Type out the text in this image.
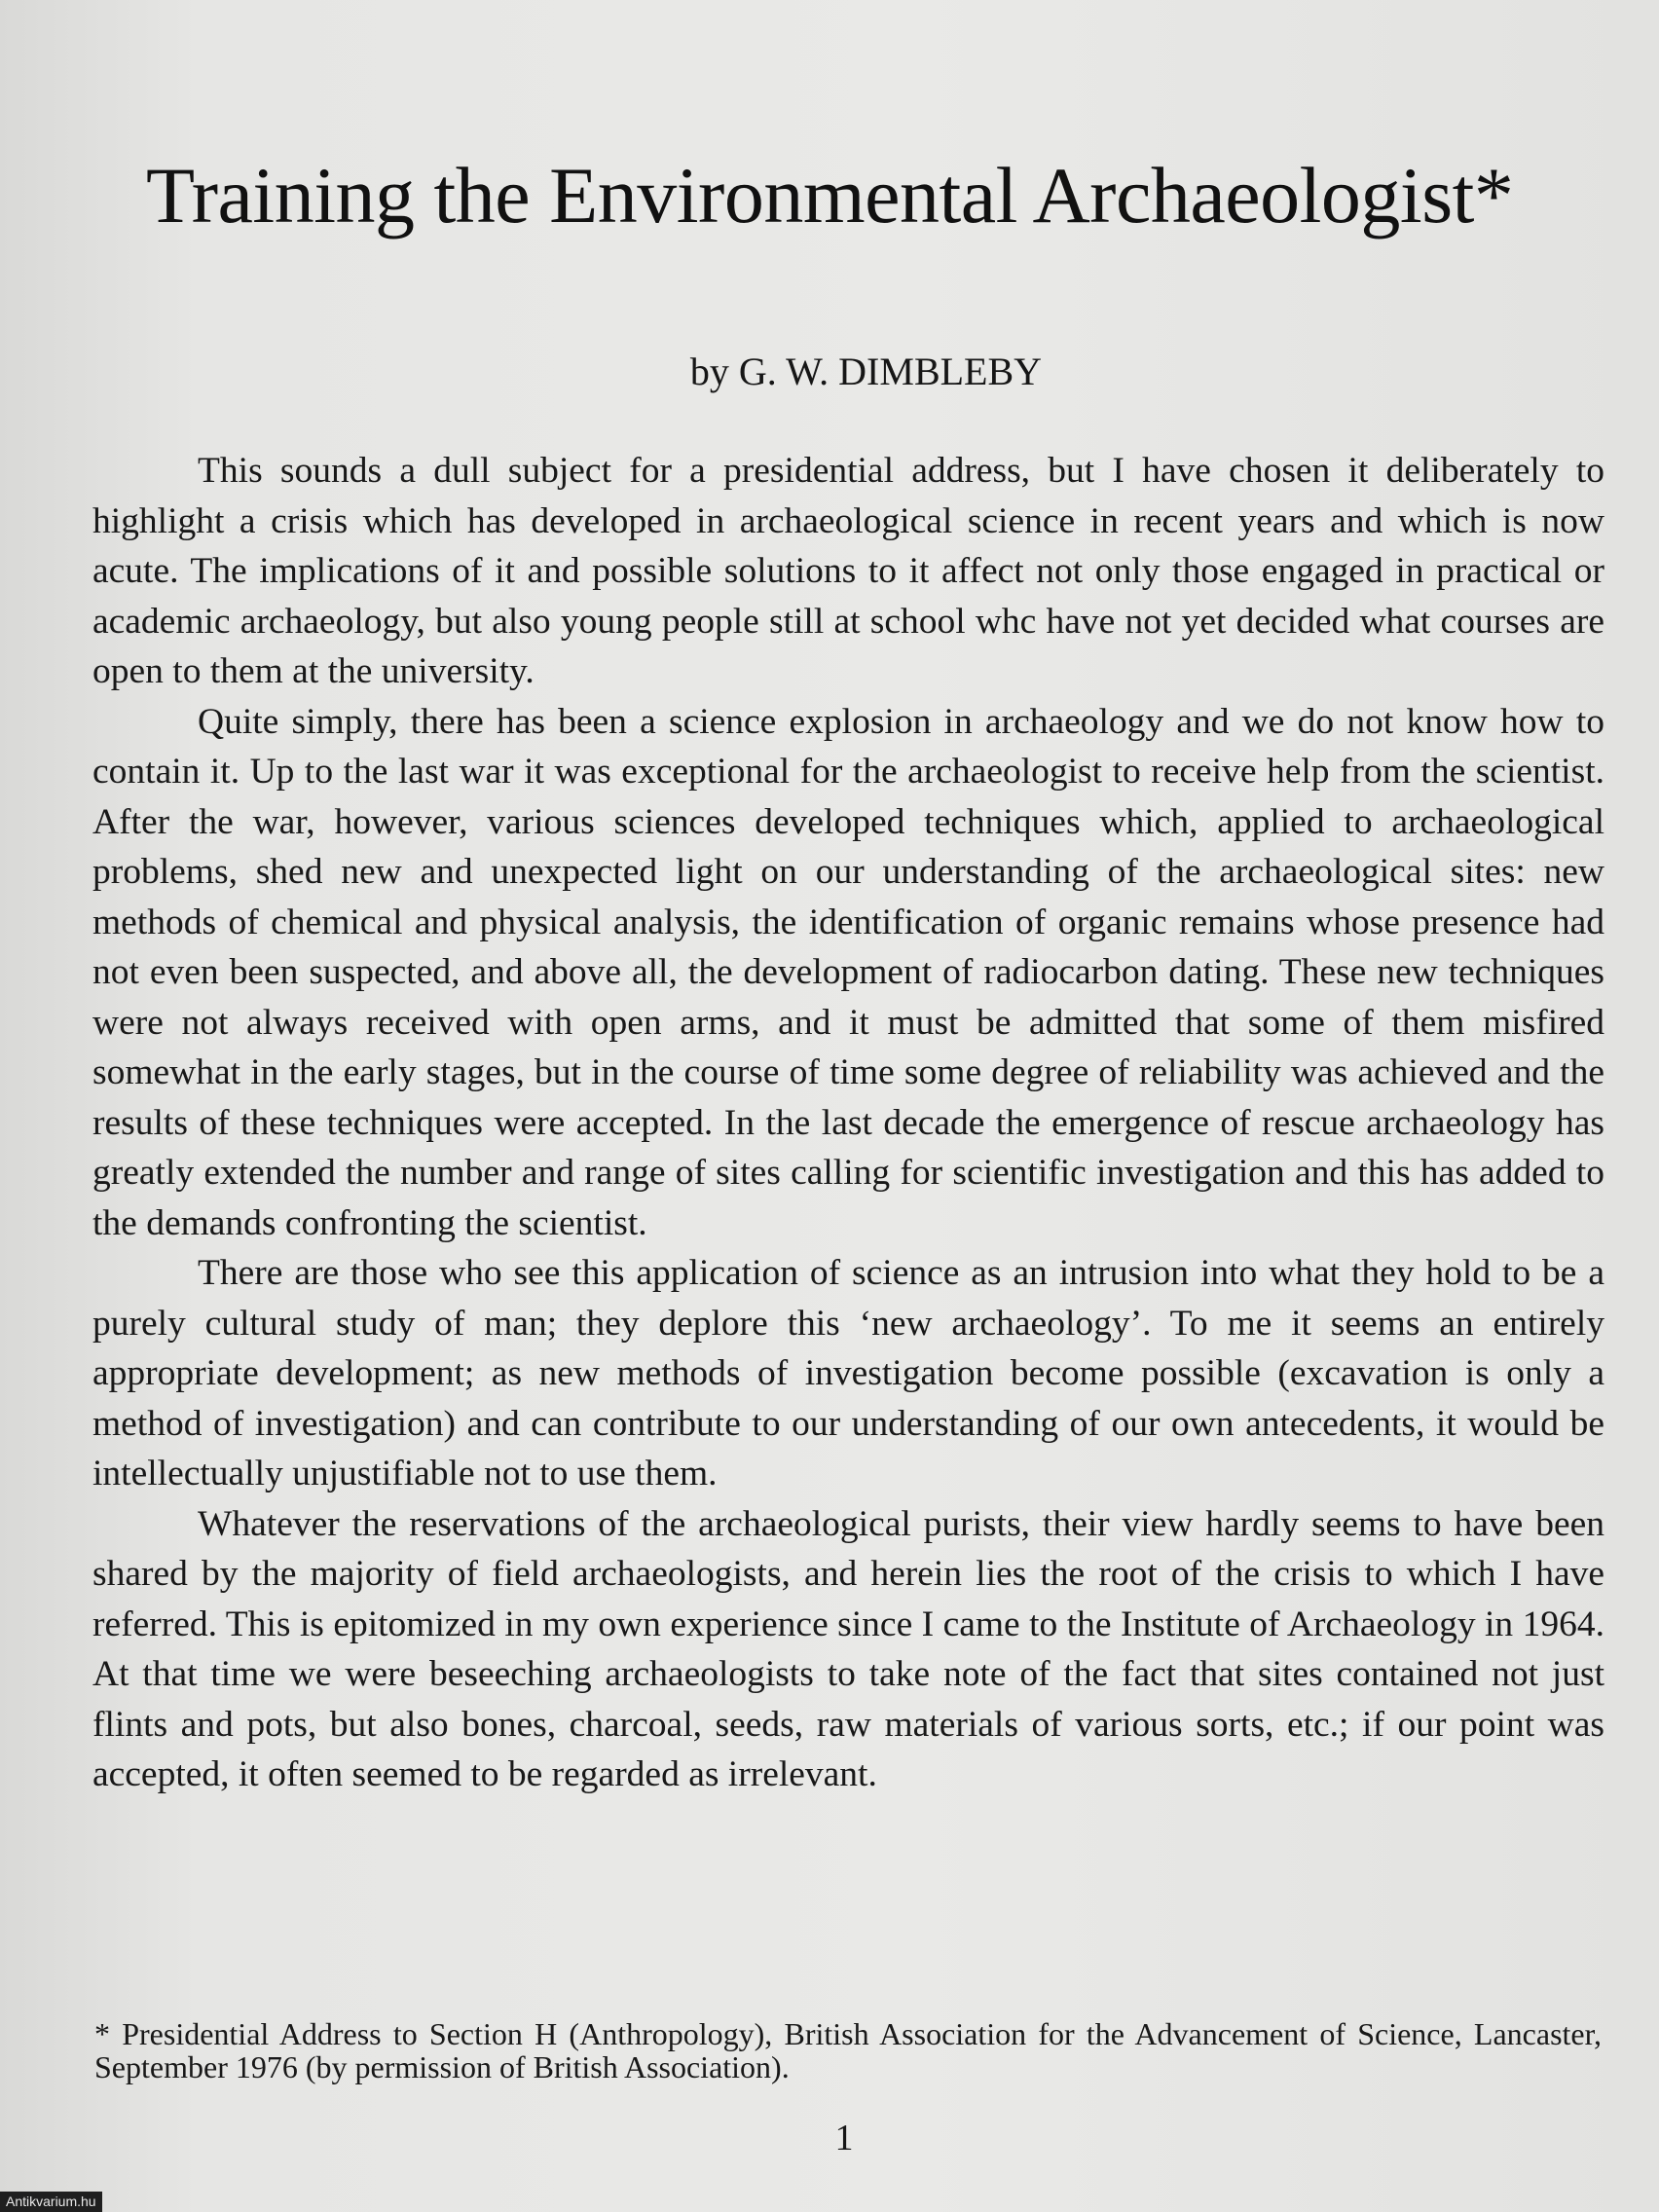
Training the Environmental Archaeologist*
by G. W. DIMBLEBY

This sounds a dull subject for a presidential address, but I have chosen it deliberately to highlight a crisis which has developed in archaeological science in recent years and which is now acute. The implications of it and possible solutions to it affect not only those engaged in practical or academic archaeology, but also young people still at school whc have not yet decided what courses are open to them at the university.

Quite simply, there has been a science explosion in archaeology and we do not know how to contain it. Up to the last war it was exceptional for the archaeologist to receive help from the scientist. After the war, however, various sciences developed techniques which, applied to archaeological problems, shed new and unexpected light on our understanding of the archaeological sites: new methods of chemical and physical analysis, the identification of organic remains whose presence had not even been suspected, and above all, the development of radiocarbon dating. These new techniques were not always received with open arms, and it must be admitted that some of them misfired somewhat in the early stages, but in the course of time some degree of reliability was achieved and the results of these techniques were accepted. In the last decade the emergence of rescue archaeology has greatly extended the number and range of sites calling for scientific investigation and this has added to the demands confronting the scientist.

There are those who see this application of science as an intrusion into what they hold to be a purely cultural study of man; they deplore this ‘new archaeology’. To me it seems an entirely appropriate development; as new methods of investigation become possible (excavation is only a method of investigation) and can contribute to our understanding of our own antecedents, it would be intellectually unjustifiable not to use them.

Whatever the reservations of the archaeological purists, their view hardly seems to have been shared by the majority of field archaeologists, and herein lies the root of the crisis to which I have referred. This is epitomized in my own experience since I came to the Institute of Archaeology in 1964. At that time we were beseeching archaeologists to take note of the fact that sites contained not just flints and pots, but also bones, charcoal, seeds, raw materials of various sorts, etc.; if our point was accepted, it often seemed to be regarded as irrelevant.

* Presidential Address to Section H (Anthropology), British Association for the Advancement of Science, Lancaster, September 1976 (by permission of British Association).

1
Antikvarium.hu
